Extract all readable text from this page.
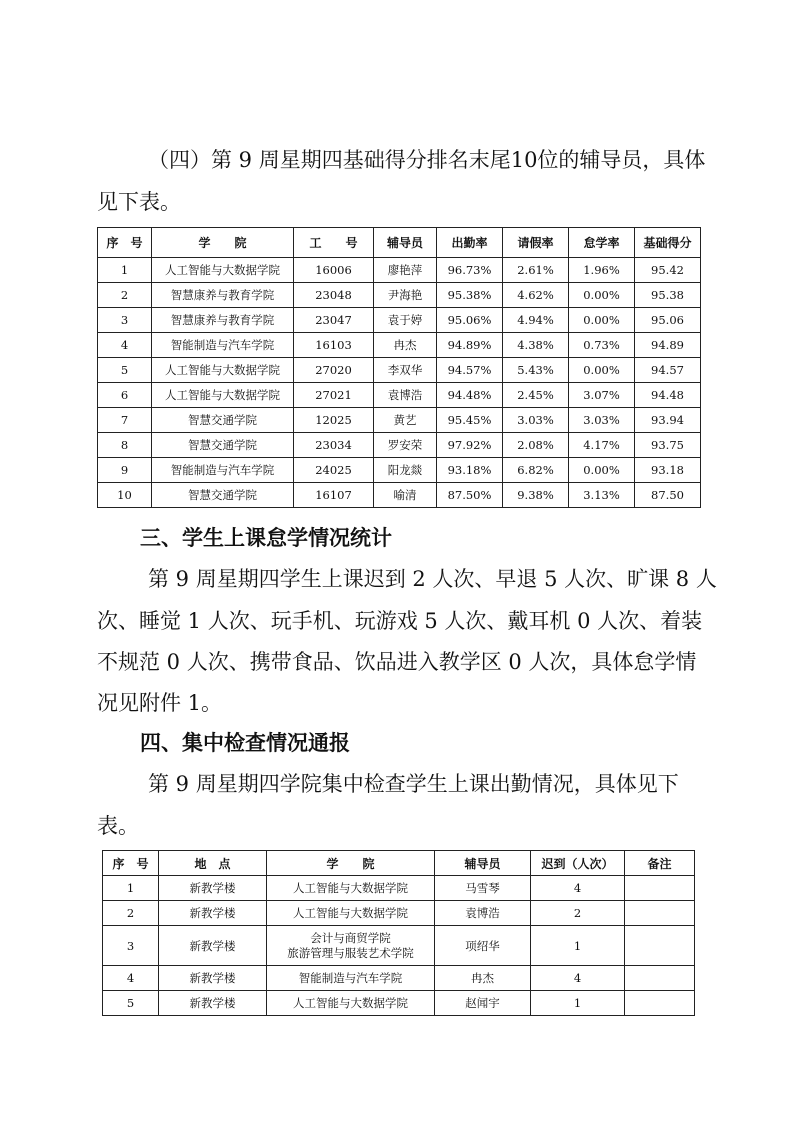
（四）第 9 周星期四基础得分排名末尾10位的辅导员，具体
见下表。
序　号	学　　院	工　　号	辅导员	出勤率	请假率	怠学率	基础得分
1	人工智能与大数据学院	16006	廖艳萍	96.73%	2.61%	1.96%	95.42
2	智慧康养与教育学院	23048	尹海艳	95.38%	4.62%	0.00%	95.38
3	智慧康养与教育学院	23047	袁于婷	95.06%	4.94%	0.00%	95.06
4	智能制造与汽车学院	16103	冉杰	94.89%	4.38%	0.73%	94.89
5	人工智能与大数据学院	27020	李双华	94.57%	5.43%	0.00%	94.57
6	人工智能与大数据学院	27021	袁博浩	94.48%	2.45%	3.07%	94.48
7	智慧交通学院	12025	黄艺	95.45%	3.03%	3.03%	93.94
8	智慧交通学院	23034	罗安荣	97.92%	2.08%	4.17%	93.75
9	智能制造与汽车学院	24025	阳龙燚	93.18%	6.82%	0.00%	93.18
10	智慧交通学院	16107	喻清	87.50%	9.38%	3.13%	87.50
三、学生上课怠学情况统计
第 9 周星期四学生上课迟到 2 人次、早退 5 人次、旷课 8 人
次、睡觉 1 人次、玩手机、玩游戏 5 人次、戴耳机 0 人次、着装
不规范 0 人次、携带食品、饮品进入教学区 0 人次，具体怠学情
况见附件 1。
四、集中检查情况通报
第 9 周星期四学院集中检查学生上课出勤情况，具体见下
表。
序　号	地　点	学　　院	辅导员	迟到（人次）	备注
1	新教学楼	人工智能与大数据学院	马雪琴	4	
2	新教学楼	人工智能与大数据学院	袁博浩	2	
3	新教学楼	会计与商贸学院
旅游管理与服装艺术学院	项绍华	1	
4	新教学楼	智能制造与汽车学院	冉杰	4	
5	新教学楼	人工智能与大数据学院	赵闻宇	1	
